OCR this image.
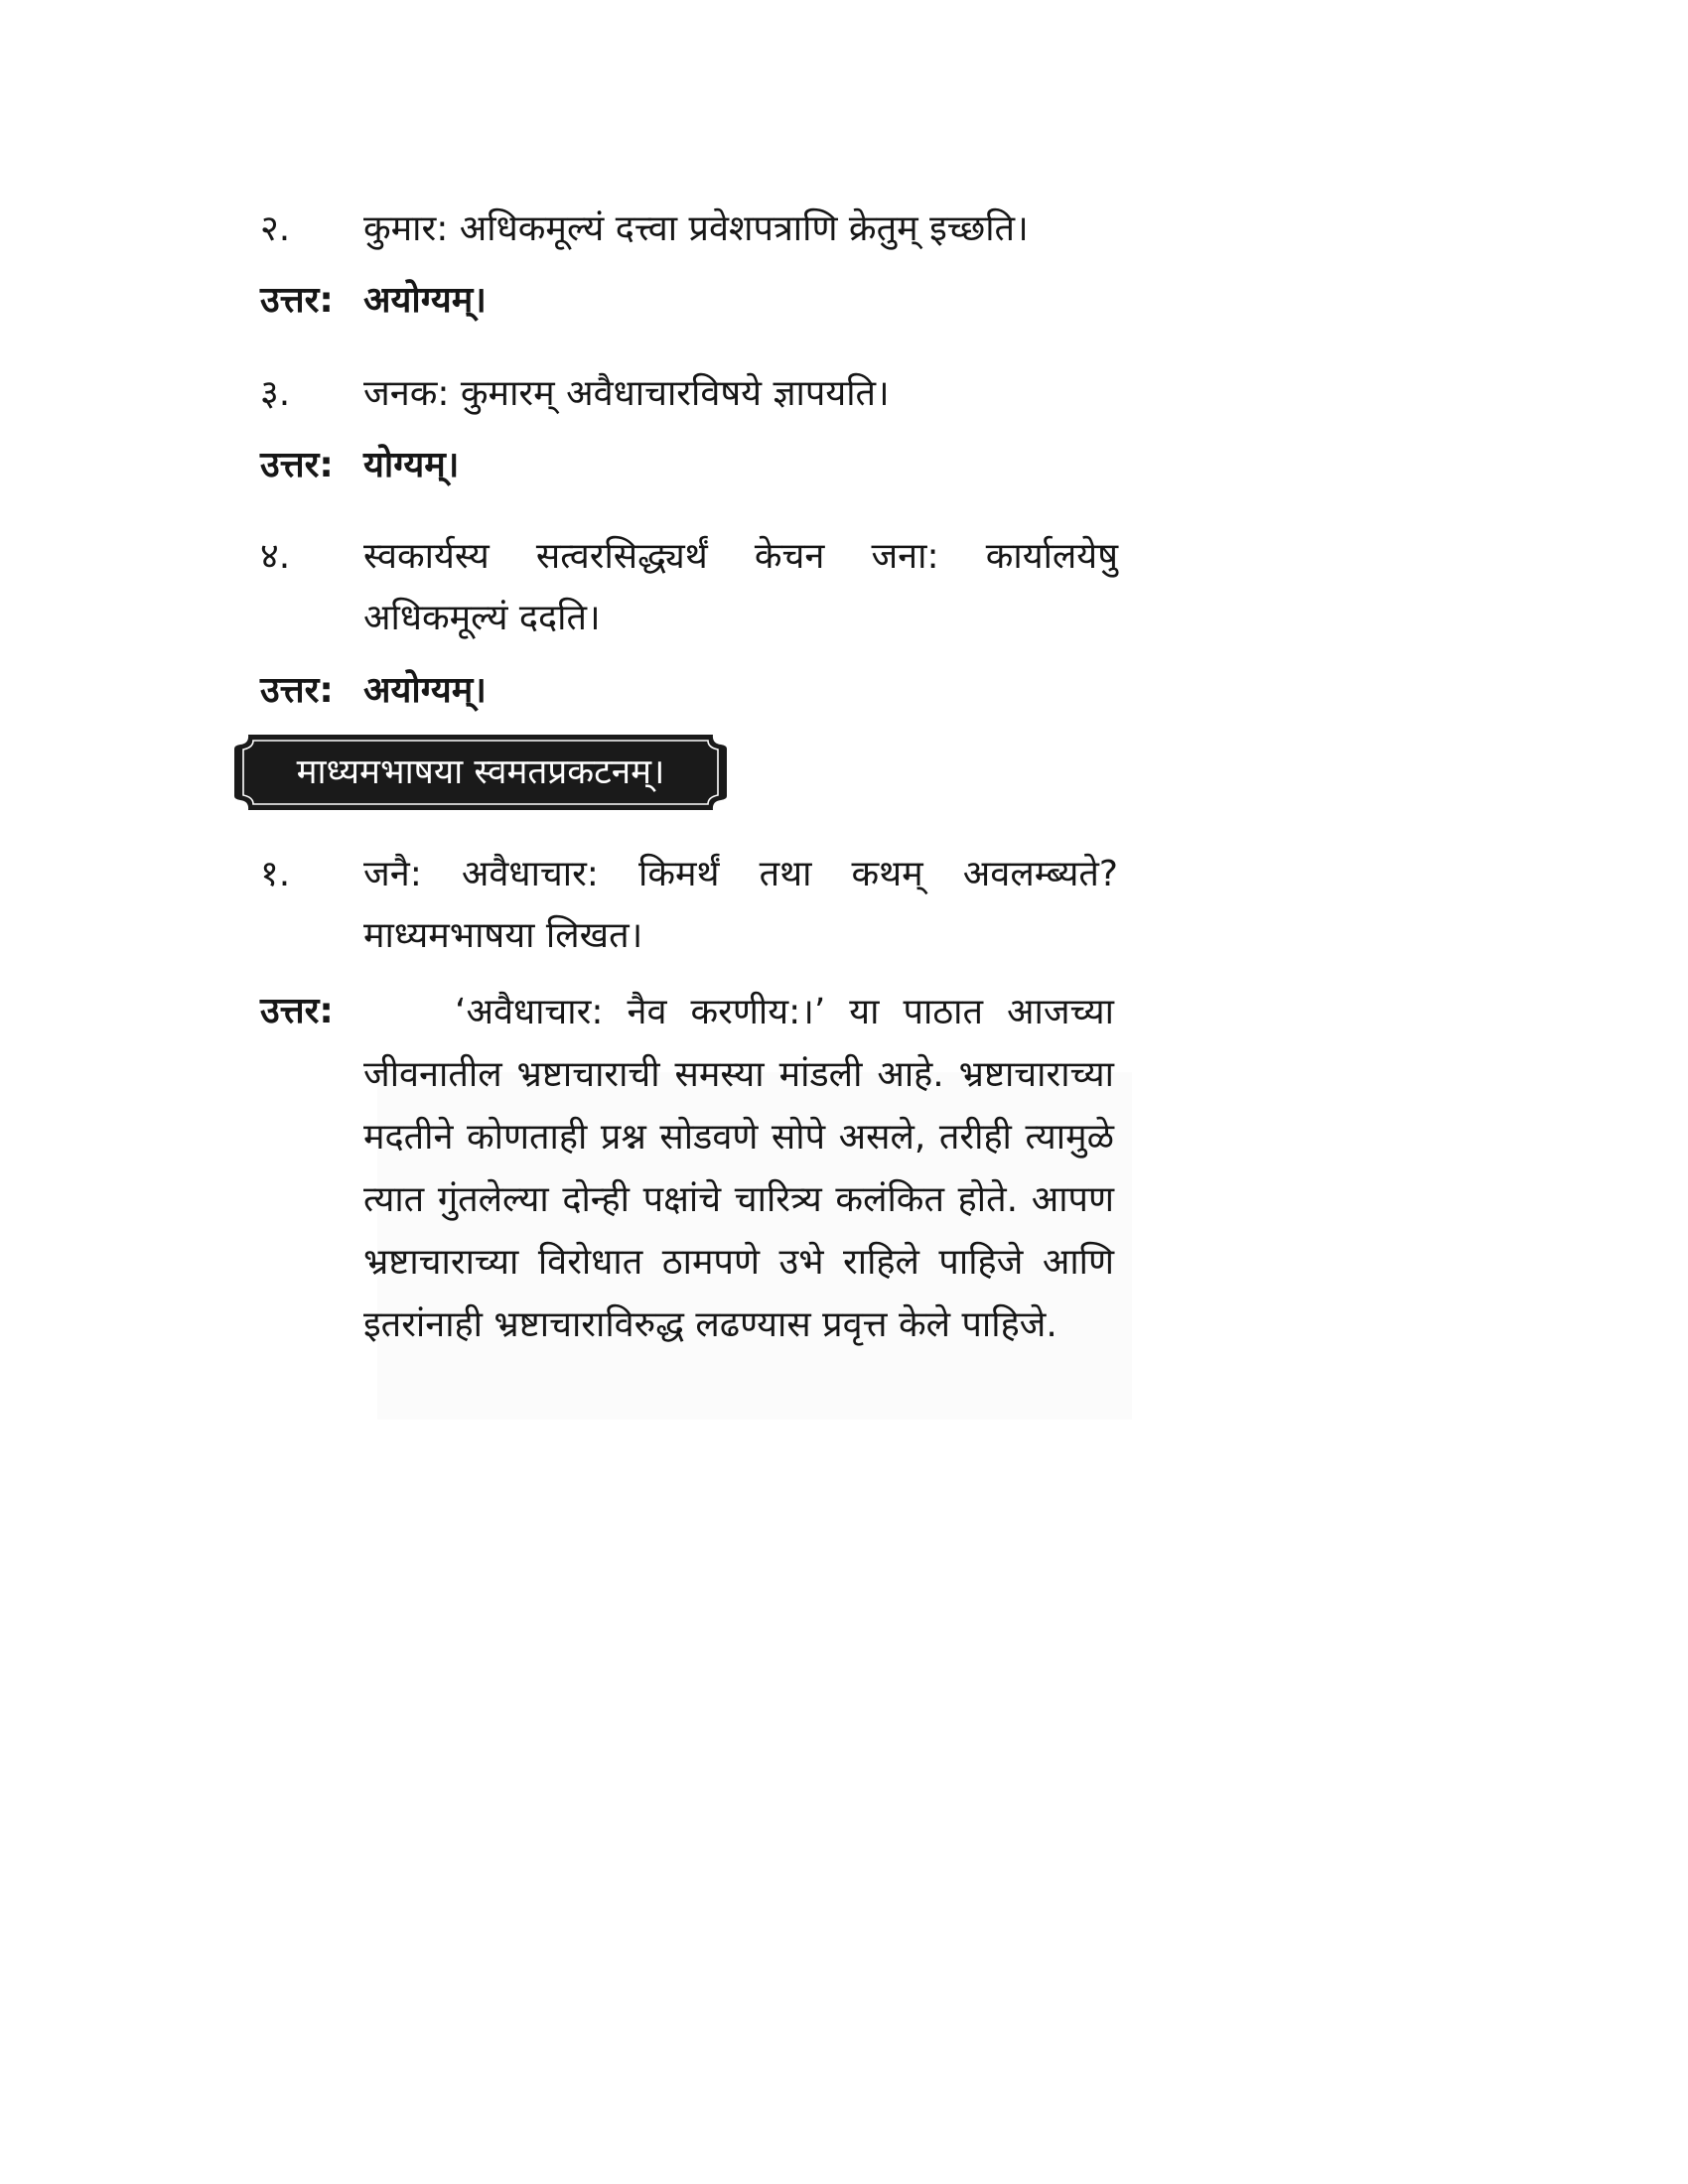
२.	कुमार: अधिकमूल्यं दत्त्वा प्रवेशपत्राणि क्रेतुम् इच्छति।
उत्तर: अयोग्यम्।
३.	जनक: कुमारम् अवैधाचारविषये ज्ञापयति।
उत्तर: योग्यम्।
४.	स्वकार्यस्य सत्वरसिद्ध्यर्थं केचन जना: कार्यालयेषु अधिकमूल्यं ददति।
उत्तर: अयोग्यम्।
माध्यमभाषया स्वमतप्रकटनम्।
१.	जनै: अवैधाचार: किमर्थं तथा कथम् अवलम्ब्यते? माध्यमभाषया लिखत।
उत्तर:	‘अवैधाचार: नैव करणीय:।’ या पाठात आजच्या जीवनातील भ्रष्टाचाराची समस्या मांडली आहे. भ्रष्टाचाराच्या मदतीने कोणताही प्रश्न सोडवणे सोपे असले, तरीही त्यामुळे त्यात गुंतलेल्या दोन्ही पक्षांचे चारित्र्य कलंकित होते. आपण भ्रष्टाचाराच्या विरोधात ठामपणे उभे राहिले पाहिजे आणि इतरांनाही भ्रष्टाचाराविरुद्ध लढण्यास प्रवृत्त केले पाहिजे.
